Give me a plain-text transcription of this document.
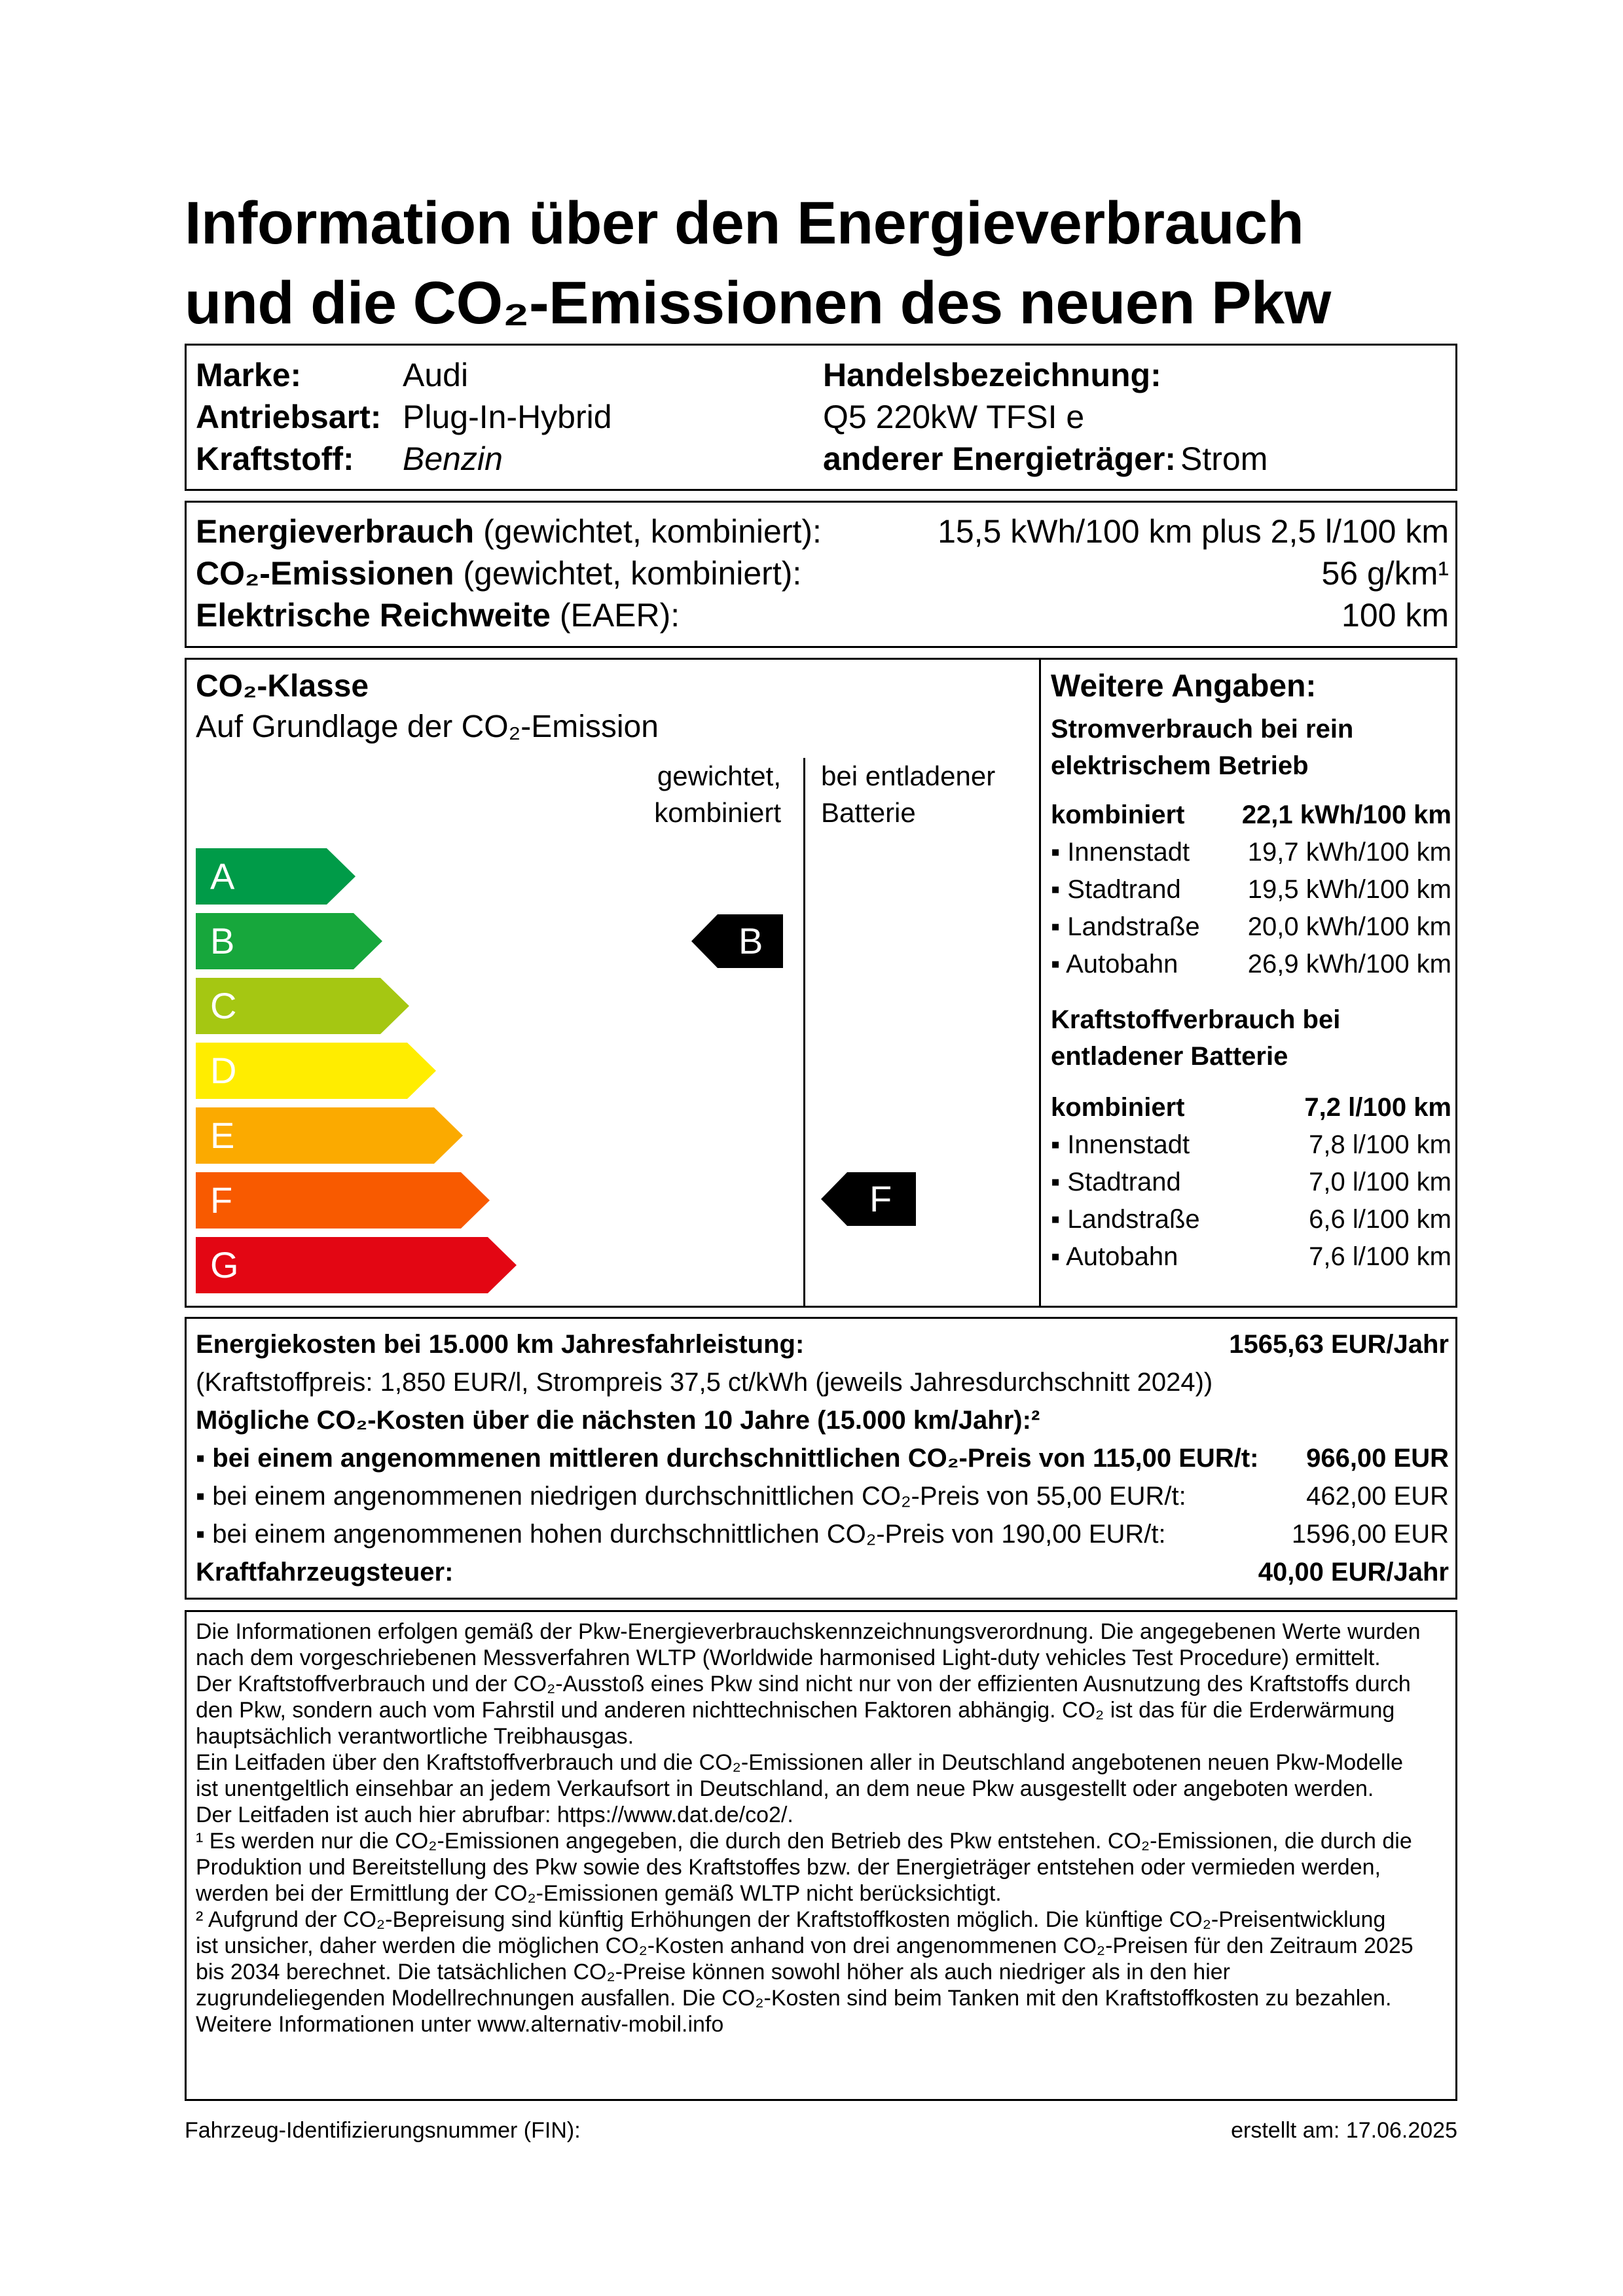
Information über den Energieverbrauch
und die CO₂-Emissionen des neuen Pkw
Marke:	Audi
Antriebsart: Plug-In-Hybrid
Kraftstoff: Benzin
Handelsbezeichnung:
Q5 220kW TFSI e
anderer Energieträger: Strom
Energieverbrauch (gewichtet, kombiniert):	15,5 kWh/100 km plus 2,5 l/100 km
CO₂-Emissionen (gewichtet, kombiniert):	56 g/km¹
Elektrische Reichweite (EAER):	100 km
CO₂-Klasse
Auf Grundlage der CO₂-Emission
gewichtet,
kombiniert
bei entladener
Batterie
A
B
C
D
E
F
G
B
F
Weitere Angaben:
Stromverbrauch bei rein
elektrischem Betrieb
kombiniert 22,1 kWh/100 km
▪ Innenstadt 19,7 kWh/100 km
▪ Stadtrand	19,5 kWh/100 km
▪ Landstraße 20,0 kWh/100 km
▪ Autobahn	26,9 kWh/100 km
Kraftstoffverbrauch bei
entladener Batterie
kombiniert	7,2 l/100 km
▪ Innenstadt	7,8 l/100 km
▪ Stadtrand	7,0 l/100 km
▪ Landstraße	6,6 l/100 km
▪ Autobahn	7,6 l/100 km
Energiekosten bei 15.000 km Jahresfahrleistung:	1565,63 EUR/Jahr
(Kraftstoffpreis: 1,850 EUR/l, Strompreis 37,5 ct/kWh (jeweils Jahresdurchschnitt 2024))
Mögliche CO₂-Kosten über die nächsten 10 Jahre (15.000 km/Jahr):²
▪ bei einem angenommenen mittleren durchschnittlichen CO₂-Preis von 115,00 EUR/t: 966,00 EUR
▪ bei einem angenommenen niedrigen durchschnittlichen CO₂-Preis von 55,00 EUR/t:	462,00 EUR
▪ bei einem angenommenen hohen durchschnittlichen CO₂-Preis von 190,00 EUR/t:	1596,00 EUR
Kraftfahrzeugsteuer:	40,00 EUR/Jahr
Die Informationen erfolgen gemäß der Pkw-Energieverbrauchskennzeichnungsverordnung. Die angegebenen Werte wurden
nach dem vorgeschriebenen Messverfahren WLTP (Worldwide harmonised Light-duty vehicles Test Procedure) ermittelt.
Der Kraftstoffverbrauch und der CO₂-Ausstoß eines Pkw sind nicht nur von der effizienten Ausnutzung des Kraftstoffs durch
den Pkw, sondern auch vom Fahrstil und anderen nichttechnischen Faktoren abhängig. CO₂ ist das für die Erderwärmung
hauptsächlich verantwortliche Treibhausgas.
Ein Leitfaden über den Kraftstoffverbrauch und die CO₂-Emissionen aller in Deutschland angebotenen neuen Pkw-Modelle
ist unentgeltlich einsehbar an jedem Verkaufsort in Deutschland, an dem neue Pkw ausgestellt oder angeboten werden.
Der Leitfaden ist auch hier abrufbar: https://www.dat.de/co2/.
¹ Es werden nur die CO₂-Emissionen angegeben, die durch den Betrieb des Pkw entstehen. CO₂-Emissionen, die durch die
Produktion und Bereitstellung des Pkw sowie des Kraftstoffes bzw. der Energieträger entstehen oder vermieden werden,
werden bei der Ermittlung der CO₂-Emissionen gemäß WLTP nicht berücksichtigt.
² Aufgrund der CO₂-Bepreisung sind künftig Erhöhungen der Kraftstoffkosten möglich. Die künftige CO₂-Preisentwicklung
ist unsicher, daher werden die möglichen CO₂-Kosten anhand von drei angenommenen CO₂-Preisen für den Zeitraum 2025
bis 2034 berechnet. Die tatsächlichen CO₂-Preise können sowohl höher als auch niedriger als in den hier
zugrundeliegenden Modellrechnungen ausfallen. Die CO₂-Kosten sind beim Tanken mit den Kraftstoffkosten zu bezahlen.
Weitere Informationen unter www.alternativ-mobil.info
Fahrzeug-Identifizierungsnummer (FIN):	erstellt am: 17.06.2025
